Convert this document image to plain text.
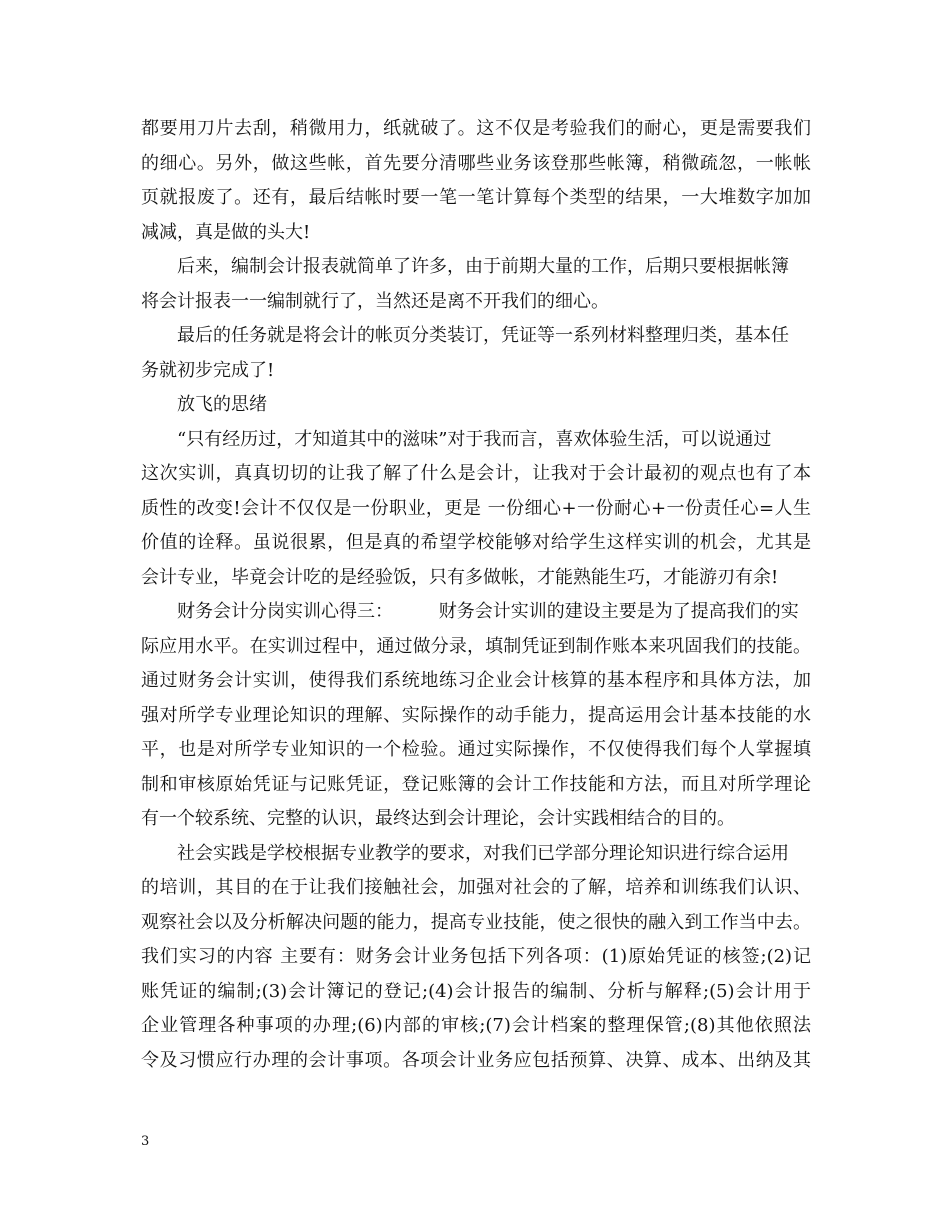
都要用刀片去刮，稍微用力，纸就破了。这不仅是考验我们的耐心，更是需要我们
的细心。另外，做这些帐，首先要分清哪些业务该登那些帐簿，稍微疏忽，一帐帐
页就报废了。还有，最后结帐时要一笔一笔计算每个类型的结果，一大堆数字加加
减减，真是做的头大!
后来，编制会计报表就简单了许多，由于前期大量的工作，后期只要根据帐簿
将会计报表一一编制就行了，当然还是离不开我们的细心。
最后的任务就是将会计的帐页分类装订，凭证等一系列材料整理归类，基本任
务就初步完成了!
放飞的思绪
“只有经历过，才知道其中的滋味”对于我而言，喜欢体验生活，可以说通过
这次实训，真真切切的让我了解了什么是会计，让我对于会计最初的观点也有了本
质性的改变!会计不仅仅是一份职业，更是 一份细心+一份耐心+一份责任心=人生
价值的诠释。虽说很累，但是真的希望学校能够对给学生这样实训的机会，尤其是
会计专业，毕竟会计吃的是经验饭，只有多做帐，才能熟能生巧，才能游刃有余!
财务会计分岗实训心得三：        财务会计实训的建设主要是为了提高我们的实
际应用水平。在实训过程中，通过做分录，填制凭证到制作账本来巩固我们的技能。
通过财务会计实训，使得我们系统地练习企业会计核算的基本程序和具体方法，加
强对所学专业理论知识的理解、实际操作的动手能力，提高运用会计基本技能的水
平，也是对所学专业知识的一个检验。通过实际操作，不仅使得我们每个人掌握填
制和审核原始凭证与记账凭证，登记账簿的会计工作技能和方法，而且对所学理论
有一个较系统、完整的认识，最终达到会计理论，会计实践相结合的目的。
社会实践是学校根据专业教学的要求，对我们已学部分理论知识进行综合运用
的培训，其目的在于让我们接触社会，加强对社会的了解，培养和训练我们认识、
观察社会以及分析解决问题的能力，提高专业技能，使之很快的融入到工作当中去。
我们实习的内容 主要有：财务会计业务包括下列各项：(1)原始凭证的核签;(2)记
账凭证的编制;(3)会计簿记的登记;(4)会计报告的编制、分析与解释;(5)会计用于
企业管理各种事项的办理;(6)内部的审核;(7)会计档案的整理保管;(8)其他依照法
令及习惯应行办理的会计事项。各项会计业务应包括预算、决算、成本、出纳及其
3
